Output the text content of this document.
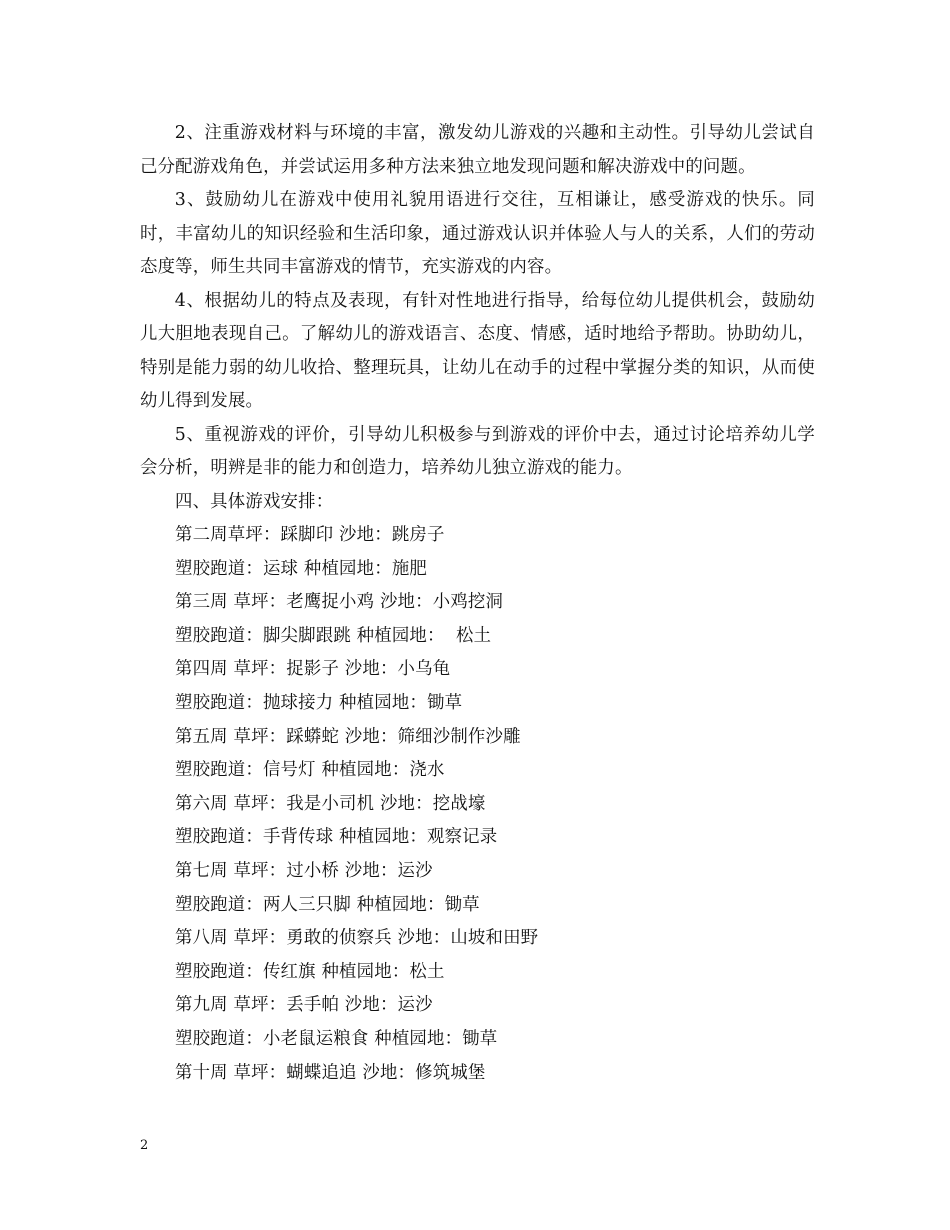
2、注重游戏材料与环境的丰富，激发幼儿游戏的兴趣和主动性。引导幼儿尝试自己分配游戏角色，并尝试运用多种方法来独立地发现问题和解决游戏中的问题。

3、鼓励幼儿在游戏中使用礼貌用语进行交往，互相谦让，感受游戏的快乐。同时，丰富幼儿的知识经验和生活印象，通过游戏认识并体验人与人的关系，人们的劳动态度等，师生共同丰富游戏的情节，充实游戏的内容。

4、根据幼儿的特点及表现，有针对性地进行指导，给每位幼儿提供机会，鼓励幼儿大胆地表现自己。了解幼儿的游戏语言、态度、情感，适时地给予帮助。协助幼儿，特别是能力弱的幼儿收拾、整理玩具，让幼儿在动手的过程中掌握分类的知识，从而使幼儿得到发展。

5、重视游戏的评价，引导幼儿积极参与到游戏的评价中去，通过讨论培养幼儿学会分析，明辨是非的能力和创造力，培养幼儿独立游戏的能力。

四、具体游戏安排：

第二周草坪：踩脚印 沙地：跳房子

塑胶跑道：运球 种植园地：施肥

第三周 草坪：老鹰捉小鸡 沙地：小鸡挖洞

塑胶跑道：脚尖脚跟跳 种植园地：  松土

第四周 草坪：捉影子 沙地：小乌龟

塑胶跑道：抛球接力 种植园地：锄草

第五周 草坪：踩蟒蛇 沙地：筛细沙制作沙雕

塑胶跑道：信号灯 种植园地：浇水

第六周 草坪：我是小司机 沙地：挖战壕

塑胶跑道：手背传球 种植园地：观察记录

第七周 草坪：过小桥 沙地：运沙

塑胶跑道：两人三只脚 种植园地：锄草

第八周 草坪：勇敢的侦察兵 沙地：山坡和田野

塑胶跑道：传红旗 种植园地：松土

第九周 草坪：丢手帕 沙地：运沙

塑胶跑道：小老鼠运粮食 种植园地：锄草

第十周 草坪：蝴蝶追追 沙地：修筑城堡

2
